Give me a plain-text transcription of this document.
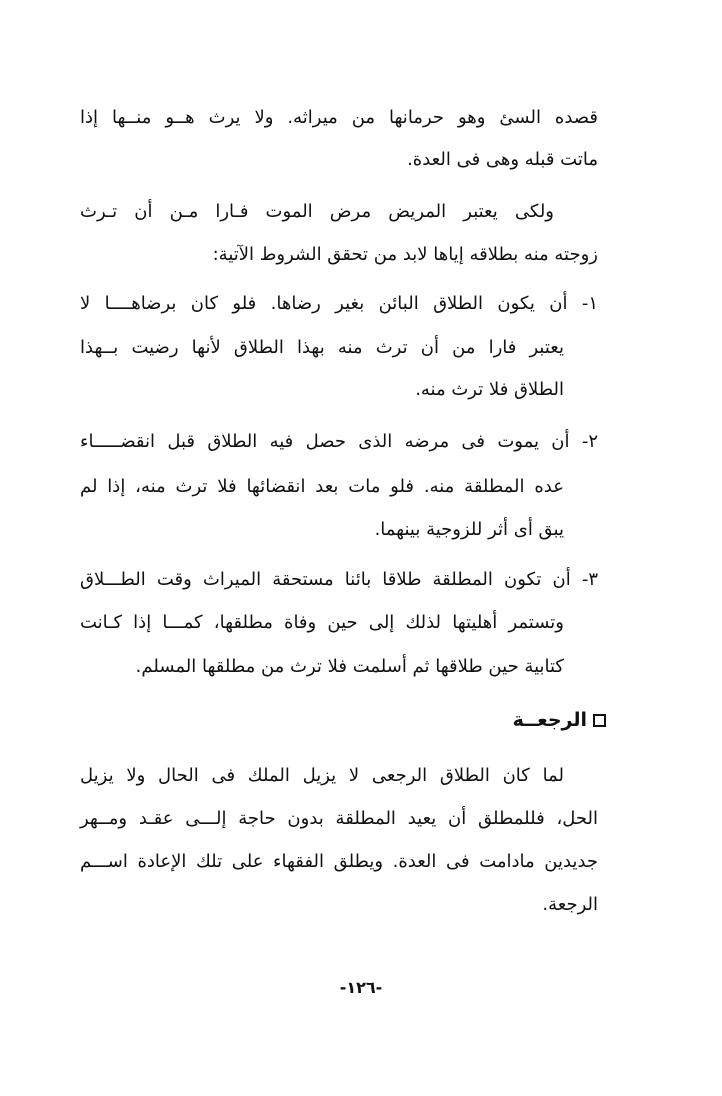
قصده السئ وهو حرمانها من ميراثه. ولا يرث هــو منــها إذا

ماتت قبله وهى فى العدة.

ولكى يعتبر المريض مرض الموت فـارا مـن أن تـرث

زوجته منه بطلاقه إياها لابد من تحقق الشروط الآتية:

١- أن يكون الطلاق البائن بغير رضاها. فلو كان برضاهــــا لا

يعتبر فارا من أن ترث منه بهذا الطلاق لأنها رضيت بــهذا

الطلاق فلا ترث منه.

٢- أن يموت فى مرضه الذى حصل فيه الطلاق قبل انقضـــــاء

عده المطلقة منه. فلو مات بعد انقضائها فلا ترث منه، إذا لم

يبق أى أثر للزوجية بينهما.

٣- أن تكون المطلقة طلاقا بائنا مستحقة الميراث وقت الطـــلاق

وتستمر أهليتها لذلك إلى حين وفاة مطلقها، كمـــا إذا كـانت

كتابية حين طلاقها ثم أسلمت فلا ترث من مطلقها المسلم.

الرجعــة

لما كان الطلاق الرجعى لا يزيل الملك فى الحال ولا يزيل

الحل، فللمطلق أن يعيد المطلقة بدون حاجة إلـــى عقـد ومــهر

جديدين مادامت فى العدة. ويطلق الفقهاء على تلك الإعادة اســـم

الرجعة.

-١٢٦-
